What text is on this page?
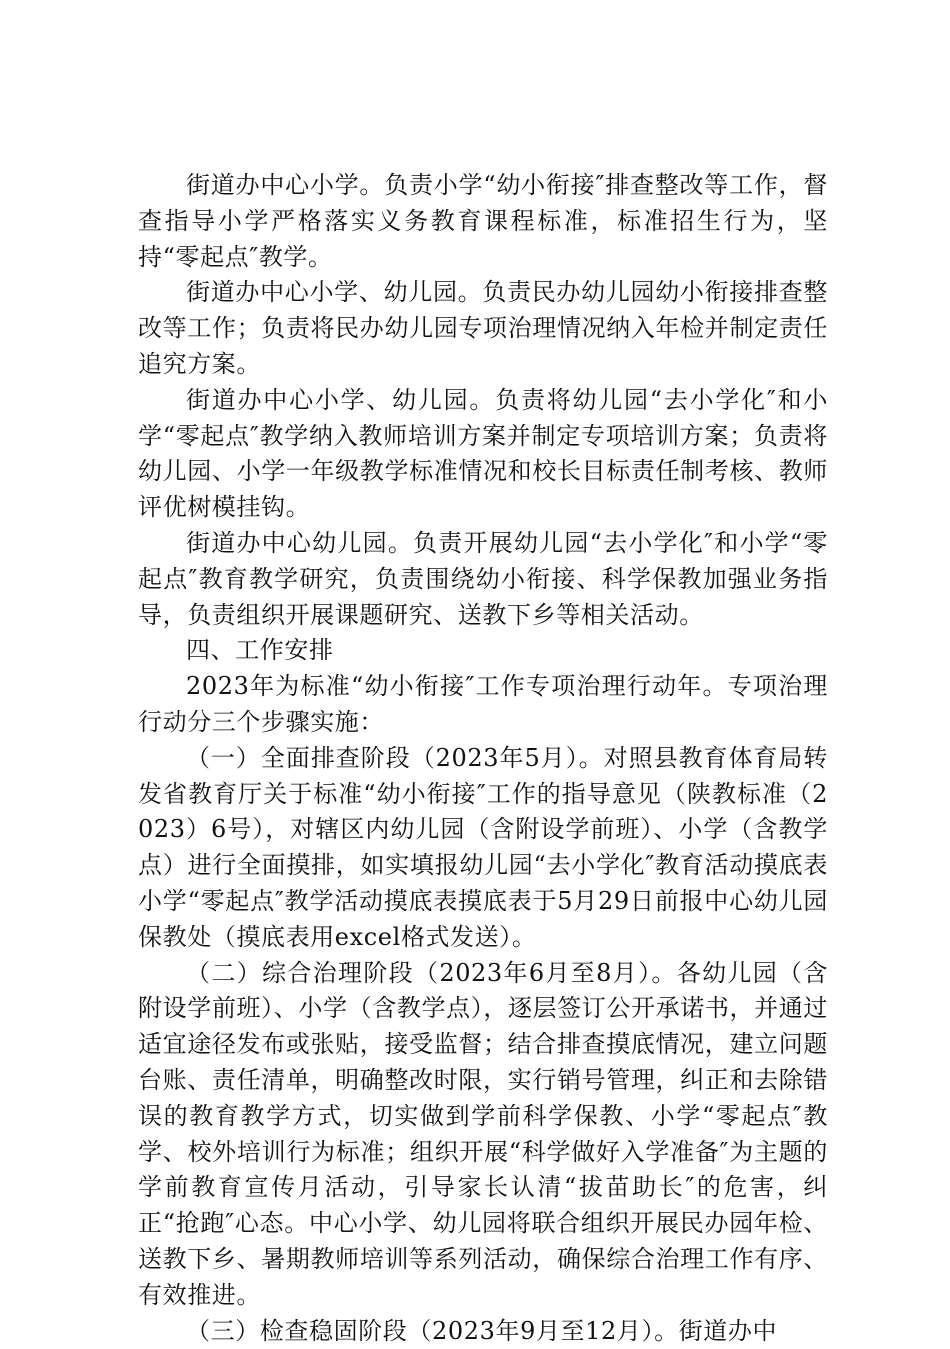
街道办中心小学。负责小学“幼小衔接″排查整改等工作，督查指导小学严格落实义务教育课程标准，标准招生行为，坚持“零起点″教学。

街道办中心小学、幼儿园。负责民办幼儿园幼小衔接排查整改等工作；负责将民办幼儿园专项治理情况纳入年检并制定责任追究方案。

街道办中心小学、幼儿园。负责将幼儿园“去小学化″和小学“零起点″教学纳入教师培训方案并制定专项培训方案；负责将幼儿园、小学一年级教学标准情况和校长目标责任制考核、教师评优树模挂钩。

街道办中心幼儿园。负责开展幼儿园“去小学化″和小学“零起点″教育教学研究，负责围绕幼小衔接、科学保教加强业务指导，负责组织开展课题研究、送教下乡等相关活动。

四、工作安排

2023年为标准“幼小衔接″工作专项治理行动年。专项治理行动分三个步骤实施：

（一）全面排查阶段（2023年5月）。对照县教育体育局转发省教育厅关于标准“幼小衔接″工作的指导意见（陕教标准（2023）6号），对辖区内幼儿园（含附设学前班）、小学（含教学点）进行全面摸排，如实填报幼儿园“去小学化″教育活动摸底表小学“零起点″教学活动摸底表摸底表于5月29日前报中心幼儿园保教处（摸底表用excel格式发送）。

（二）综合治理阶段（2023年6月至8月）。各幼儿园（含附设学前班）、小学（含教学点），逐层签订公开承诺书，并通过适宜途径发布或张贴，接受监督；结合排查摸底情况，建立问题台账、责任清单，明确整改时限，实行销号管理，纠正和去除错误的教育教学方式，切实做到学前科学保教、小学“零起点″教学、校外培训行为标准；组织开展“科学做好入学准备″为主题的学前教育宣传月活动，引导家长认清“拔苗助长″的危害，纠正“抢跑″心态。中心小学、幼儿园将联合组织开展民办园年检、送教下乡、暑期教师培训等系列活动，确保综合治理工作有序、有效推进。

（三）检查稳固阶段（2023年9月至12月）。街道办中
